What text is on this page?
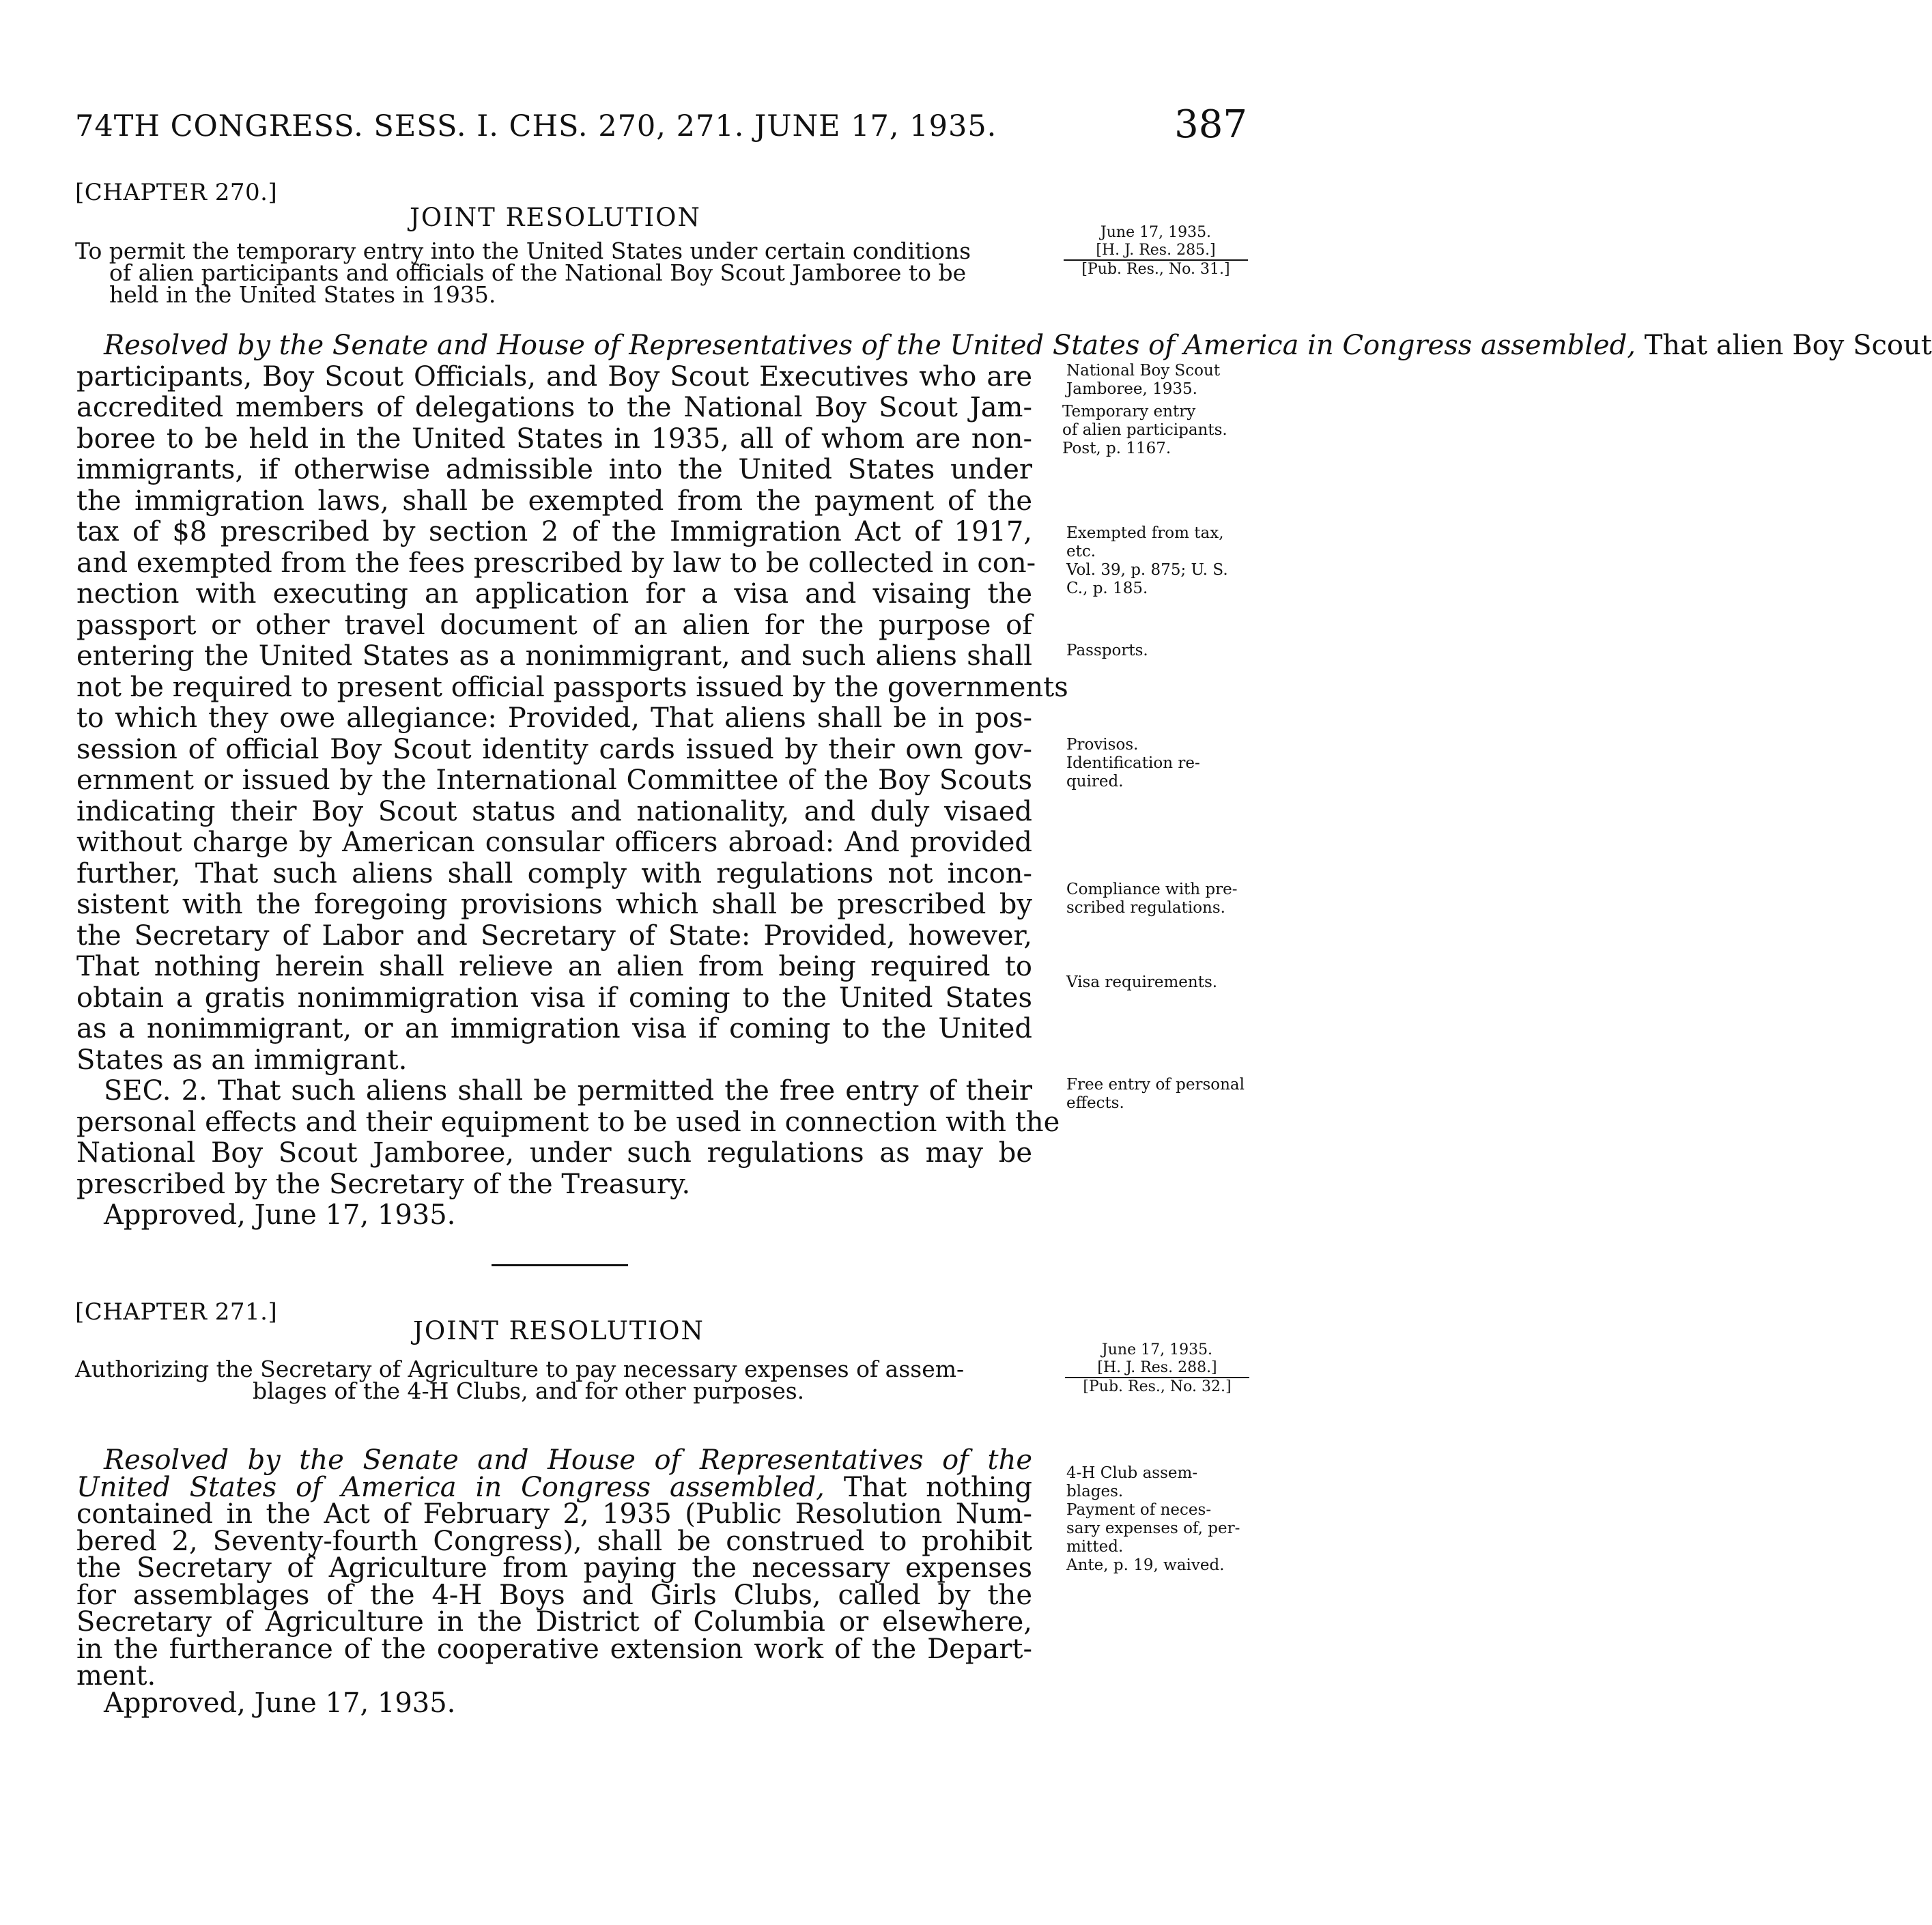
74TH CONGRESS. SESS. I. CHS. 270, 271. JUNE 17, 1935.	387
[CHAPTER 270.]
JOINT RESOLUTION
To permit the temporary entry into the United States under certain conditions
of alien participants and officials of the National Boy Scout Jamboree to be
held in the United States in 1935.
June 17, 1935.
[H. J. Res. 285.]
[Pub. Res., No. 31.]
Resolved by the Senate and House of Representatives of the United States of America in Congress assembled, That alien Boy Scout
participants, Boy Scout Officials, and Boy Scout Executives who are
accredited members of delegations to the National Boy Scout Jam-
boree to be held in the United States in 1935, all of whom are non-
immigrants, if otherwise admissible into the United States under
the immigration laws, shall be exempted from the payment of the
tax of $8 prescribed by section 2 of the Immigration Act of 1917,
and exempted from the fees prescribed by law to be collected in con-
nection with executing an application for a visa and visaing the
passport or other travel document of an alien for the purpose of
entering the United States as a nonimmigrant, and such aliens shall
not be required to present official passports issued by the governments
to which they owe allegiance: Provided, That aliens shall be in pos-
session of official Boy Scout identity cards issued by their own gov-
ernment or issued by the International Committee of the Boy Scouts
indicating their Boy Scout status and nationality, and duly visaed
without charge by American consular officers abroad: And provided
further, That such aliens shall comply with regulations not incon-
sistent with the foregoing provisions which shall be prescribed by
the Secretary of Labor and Secretary of State: Provided, however,
That nothing herein shall relieve an alien from being required to
obtain a gratis nonimmigration visa if coming to the United States
as a nonimmigrant, or an immigration visa if coming to the United
States as an immigrant.
SEC. 2. That such aliens shall be permitted the free entry of their
personal effects and their equipment to be used in connection with the
National Boy Scout Jamboree, under such regulations as may be
prescribed by the Secretary of the Treasury.
Approved, June 17, 1935.
National Boy Scout
Jamboree, 1935.
Temporary entry
of alien participants.
Post, p. 1167.
Exempted from tax,
etc.
Vol. 39, p. 875; U. S.
C., p. 185.
Passports.
Provisos.
Identification re-
quired.
Compliance with pre-
scribed regulations.
Visa requirements.
Free entry of personal
effects.
[CHAPTER 271.]
JOINT RESOLUTION
Authorizing the Secretary of Agriculture to pay necessary expenses of assem-
blages of the 4-H Clubs, and for other purposes.
June 17, 1935.
[H. J. Res. 288.]
[Pub. Res., No. 32.]
Resolved by the Senate and House of Representatives of the
United States of America in Congress assembled, That nothing
contained in the Act of February 2, 1935 (Public Resolution Num-
bered 2, Seventy-fourth Congress), shall be construed to prohibit
the Secretary of Agriculture from paying the necessary expenses
for assemblages of the 4-H Boys and Girls Clubs, called by the
Secretary of Agriculture in the District of Columbia or elsewhere,
in the furtherance of the cooperative extension work of the Depart-
ment.
Approved, June 17, 1935.
4-H Club assem-
blages.
Payment of neces-
sary expenses of, per-
mitted.
Ante, p. 19, waived.
